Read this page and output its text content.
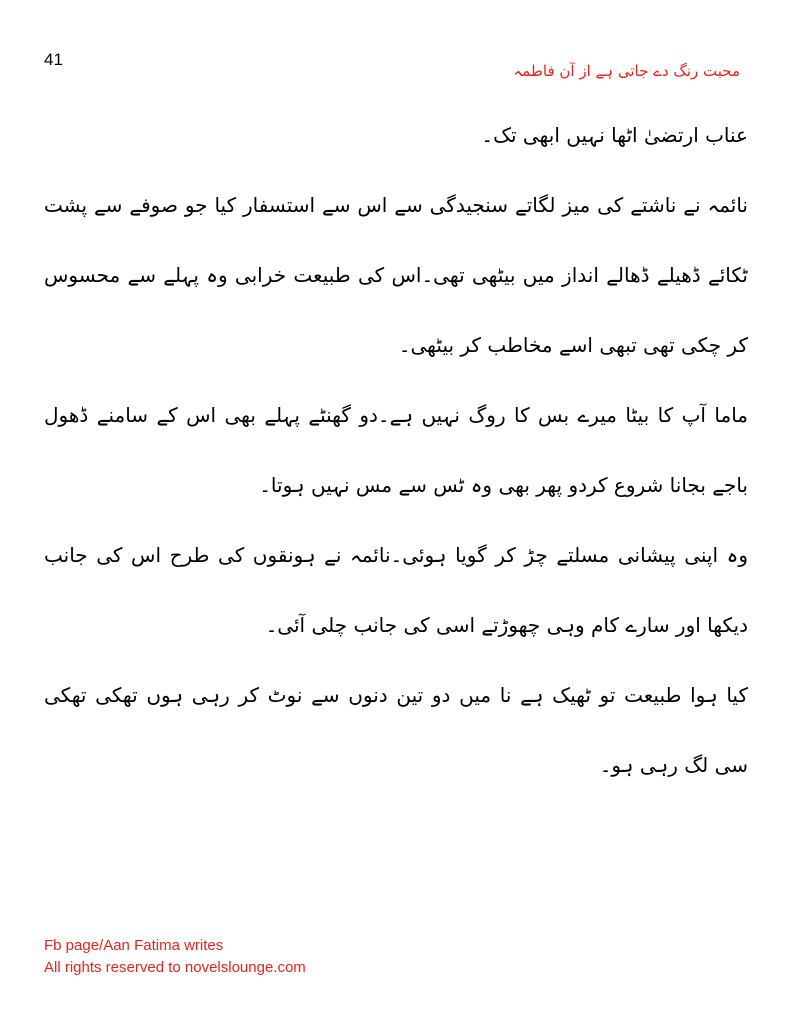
41
محبت رنگ دے جاتی ہے از آن فاطمہ

عناب ارتضیٰ اٹھا نہیں ابھی تک۔

نائمہ نے ناشتے کی میز لگاتے سنجیدگی سے اس سے استسفار کیا جو صوفے سے پشت ٹکائے ڈھیلے ڈھالے انداز میں بیٹھی تھی۔اس کی طبیعت خرابی وہ پہلے سے محسوس کر چکی تھی تبھی اسے مخاطب کر بیٹھی۔

ماما آپ کا بیٹا میرے بس کا روگ نہیں ہے۔دو گھنٹے پہلے بھی اس کے سامنے ڈھول باجے بجانا شروع کردو پھر بھی وہ ٹس سے مس نہیں ہوتا۔

وہ اپنی پیشانی مسلتے چڑ کر گویا ہوئی۔نائمہ نے ہونقوں کی طرح اس کی جانب دیکھا اور سارے کام وہی چھوڑتے اسی کی جانب چلی آئی۔

کیا ہوا طبیعت تو ٹھیک ہے نا میں دو تین دنوں سے نوٹ کر رہی ہوں تھکی تھکی سی لگ رہی ہو۔

Fb page/Aan Fatima writes
All rights reserved to novelslounge.com
